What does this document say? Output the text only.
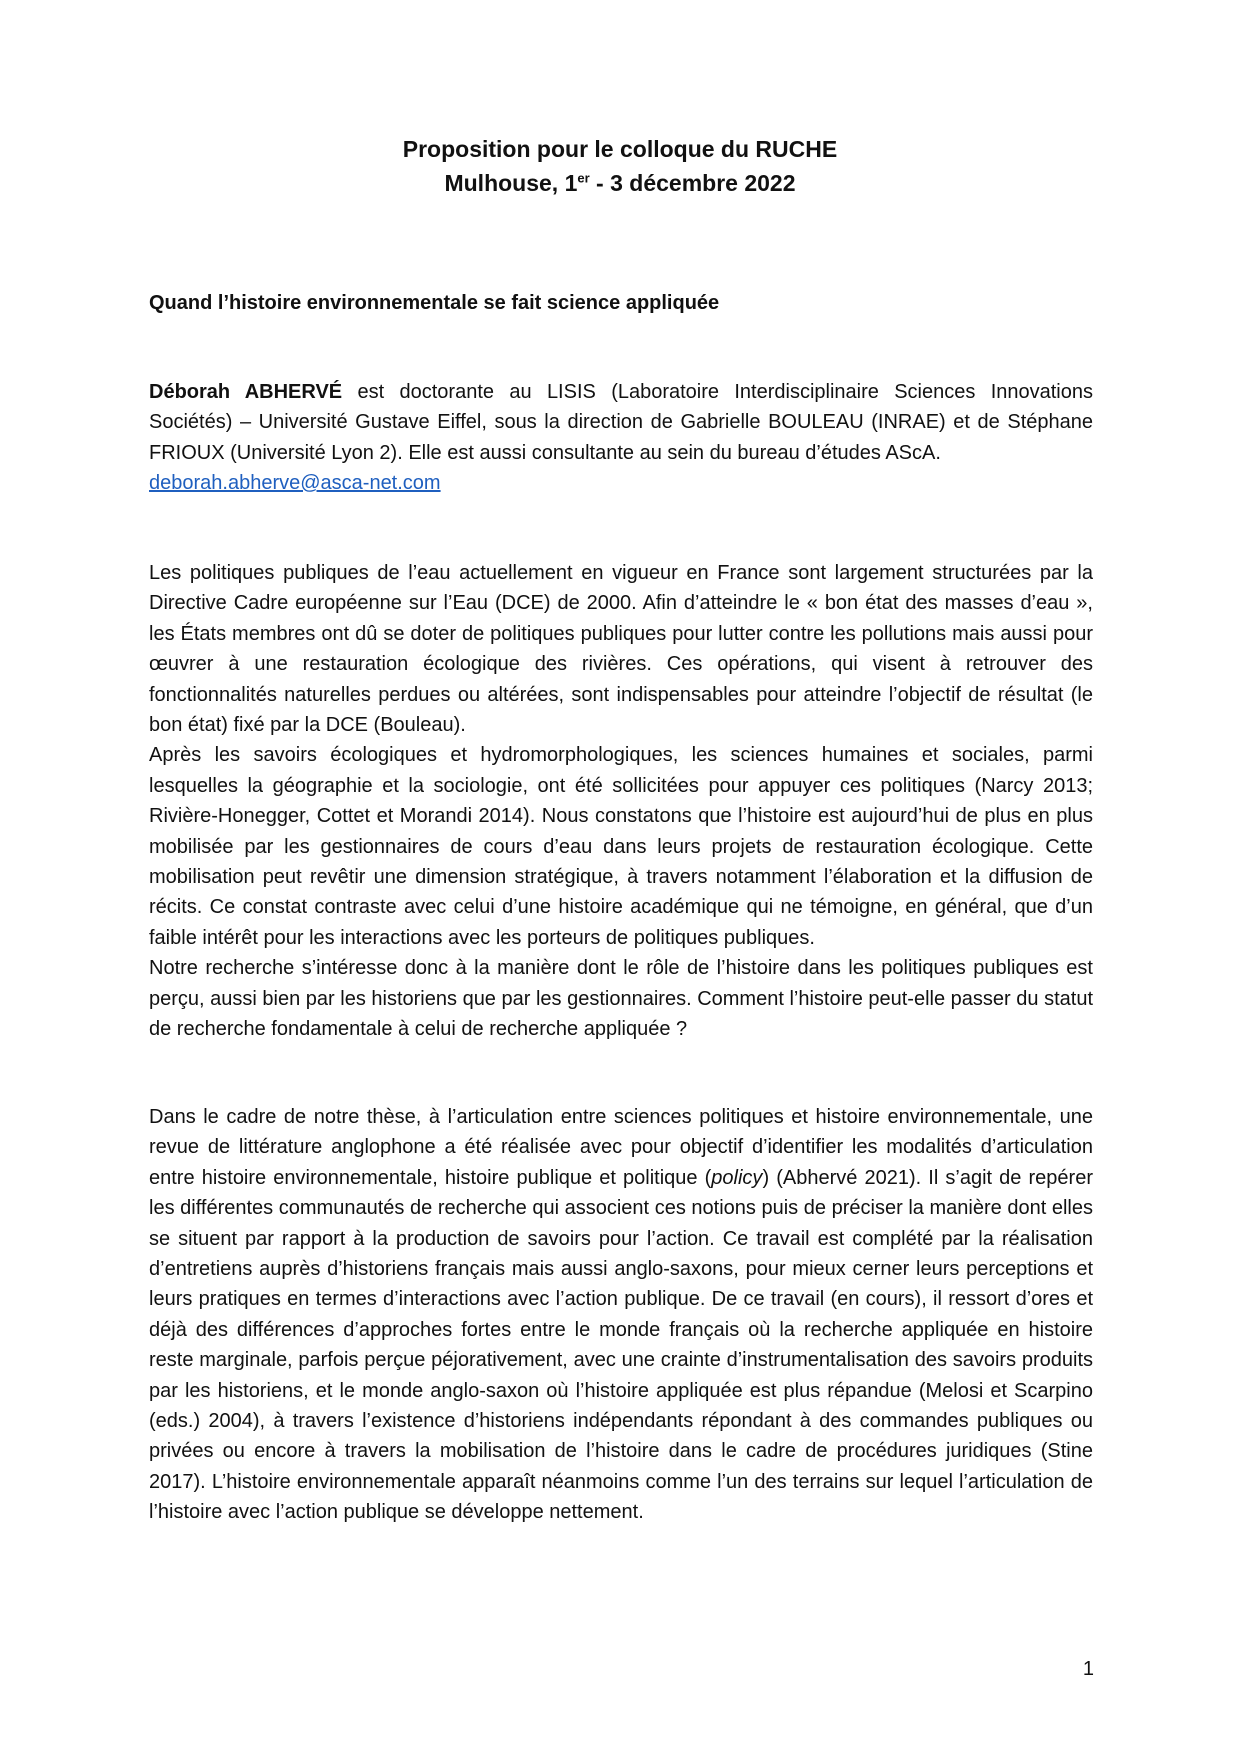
Proposition pour le colloque du RUCHE
Mulhouse, 1er - 3 décembre 2022
Quand l’histoire environnementale se fait science appliquée

Déborah ABHERVÉ est doctorante au LISIS (Laboratoire Interdisciplinaire Sciences Innovations Sociétés) – Université Gustave Eiffel, sous la direction de Gabrielle BOULEAU (INRAE) et de Stéphane FRIOUX (Université Lyon 2). Elle est aussi consultante au sein du bureau d’études AScA.

deborah.abherve@asca-net.com

Les politiques publiques de l’eau actuellement en vigueur en France sont largement structurées par la Directive Cadre européenne sur l’Eau (DCE) de 2000. Afin d’atteindre le « bon état des masses d’eau », les États membres ont dû se doter de politiques publiques pour lutter contre les pollutions mais aussi pour œuvrer à une restauration écologique des rivières. Ces opérations, qui visent à retrouver des fonctionnalités naturelles perdues ou altérées, sont indispensables pour atteindre l’objectif de résultat (le bon état) fixé par la DCE (Bouleau).

Après les savoirs écologiques et hydromorphologiques, les sciences humaines et sociales, parmi lesquelles la géographie et la sociologie, ont été sollicitées pour appuyer ces politiques (Narcy 2013; Rivière-Honegger, Cottet et Morandi 2014). Nous constatons que l’histoire est aujourd’hui de plus en plus mobilisée par les gestionnaires de cours d’eau dans leurs projets de restauration écologique. Cette mobilisation peut revêtir une dimension stratégique, à travers notamment l’élaboration et la diffusion de récits. Ce constat contraste avec celui d’une histoire académique qui ne témoigne, en général, que d’un faible intérêt pour les interactions avec les porteurs de politiques publiques.

Notre recherche s’intéresse donc à la manière dont le rôle de l’histoire dans les politiques publiques est perçu, aussi bien par les historiens que par les gestionnaires. Comment l’histoire peut-elle passer du statut de recherche fondamentale à celui de recherche appliquée ?

Dans le cadre de notre thèse, à l’articulation entre sciences politiques et histoire environnementale, une revue de littérature anglophone a été réalisée avec pour objectif d’identifier les modalités d’articulation entre histoire environnementale, histoire publique et politique (policy) (Abhervé 2021). Il s’agit de repérer les différentes communautés de recherche qui associent ces notions puis de préciser la manière dont elles se situent par rapport à la production de savoirs pour l’action. Ce travail est complété par la réalisation d’entretiens auprès d’historiens français mais aussi anglo-saxons, pour mieux cerner leurs perceptions et leurs pratiques en termes d’interactions avec l’action publique. De ce travail (en cours), il ressort d’ores et déjà des différences d’approches fortes entre le monde français où la recherche appliquée en histoire reste marginale, parfois perçue péjorativement, avec une crainte d’instrumentalisation des savoirs produits par les historiens, et le monde anglo-saxon où l’histoire appliquée est plus répandue (Melosi et Scarpino (eds.) 2004), à travers l’existence d’historiens indépendants répondant à des commandes publiques ou privées ou encore à travers la mobilisation de l’histoire dans le cadre de procédures juridiques (Stine 2017). L’histoire environnementale apparaît néanmoins comme l’un des terrains sur lequel l’articulation de l’histoire avec l’action publique se développe nettement.

1
